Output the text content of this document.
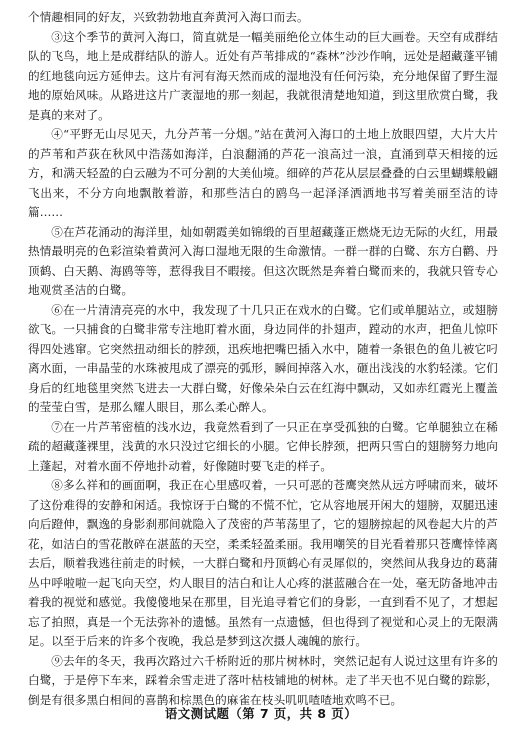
个情趣相同的好友，兴致勃勃地直奔黄河入海口而去。

③这个季节的黄河入海口，简直就是一幅美丽绝伦立体生动的巨大画卷。天空有成群结队的飞鸟，地上是成群结队的游人。近处有芦苇排成的“森林”沙沙作响，远处是超藏蓬平铺的红地毯向远方延伸去。这片有河有海天然而成的湿地没有任何污染，充分地保留了野生湿地的原始风味。从路进这片广袤湿地的那一刻起，我就很清楚地知道，到这里欣赏白鹭，我是真的来对了。

④“平野无山尽见天，九分芦苇一分烟。”站在黄河入海口的土地上放眼四望，大片大片的芦苇和芦荻在秋风中浩荡如海洋，白浪翻涌的芦花一浪高过一浪，直涌到草天相接的远方，和满天轻盈的白云融为不可分割的大美仙境。细碎的芦花从层层叠叠的白云里蝴蝶般翩飞出来，不分方向地飘散着游，和那些洁白的鸥鸟一起泽泽洒洒地书写着美丽至洁的诗篇……

⑤在芦花涌动的海洋里，灿如朝霞美如锦缎的百里超藏蓬正燃烧无边无际的火红，用最热情最明亮的色彩渲染着黄河入海口湿地无限的生命激情。一群一群的白鹭、东方白鹳、丹顶鹤、白天鹅、海鸥等等，惹得我目不暇接。但这次既然是奔着白鹭而来的，我就只管专心地观赏圣洁的白鹭。

⑥在一片清清亮亮的水中，我发现了十几只正在戏水的白鹭。它们或单腿站立，或翅膀欲飞。一只捕食的白鹭非常专注地盯着水面，身边同伴的扑翅声，蹚动的水声，把鱼儿惊吓得四处逃窜。它突然扭动细长的脖颈，迅疾地把嘴巴插入水中，随着一条银色的鱼儿被它叼离水面，一串晶莹的水珠被甩成了漂亮的弧形，瞬间掉落入水，砸出浅浅的水豹轻漾。它们身后的红地毯里突然飞进去一大群白鹭，好像朵朵白云在红海中飘动，又如赤红霞光上覆盖的莹莹白雪，是那么耀人眼目，那么柔心醉人。

⑦在一片芦苇密植的浅水边，我竟然看到了一只正在享受孤独的白鹭。它单腿独立在稀疏的超藏蓬裸里，浅黄的水只没过它细长的小腿。它伸长脖颈，把两只雪白的翅膀努力地向上蓬起，对着水面不停地扑动着，好像随时要飞走的样子。

⑧多么祥和的画面啊，我正在心里感叹着，一只可恶的苍鹰突然从远方呼啸而来，破坏了这份难得的安静和闲适。我惊讶于白鹭的不慌不忙，它从容地展开闲大的翅膀，双腿迅速向后蹬伸，飘逸的身影刹那间就隐入了茂密的芦苇荡里了，它的翅膀掠起的风卷起大片的芦花，如洁白的雪花散碎在湛蓝的天空，柔柔轻盈柔丽。我用嘲笑的目光看着那只苍鹰悻悻离去后，顺着我逃往前走的时候，一大群白鹭和丹顶鹤心有灵犀似的，突然间从我身边的葛蒲丛中呼啦啦一起飞向天空，灼人眼目的洁白和让人心疼的湛蓝融合在一处，毫无防备地冲击着我的视觉和感觉。我傻傻地呆在那里，目光追寻着它们的身影，一直到看不见了，才想起忘了拍照，真是一个无法弥补的遗憾。虽然有一点遗憾，但也得到了视觉和心灵上的无限满足。以至于后来的许多个夜晚，我总是梦到这次摄人魂魄的旅行。

⑨去年的冬天，我再次路过六千桥附近的那片树林时，突然记起有人说过这里有许多的白鹭，于是停下车来，踩着余雪走进了落叶枯枝铺地的树林。走了半天也不见白鹭的踪影，倒是有很多黑白相间的喜鹊和棕黑色的麻雀在枝头叽叽喳喳地欢鸣不已。

语文测试题（第 7 页，共 8 页）
